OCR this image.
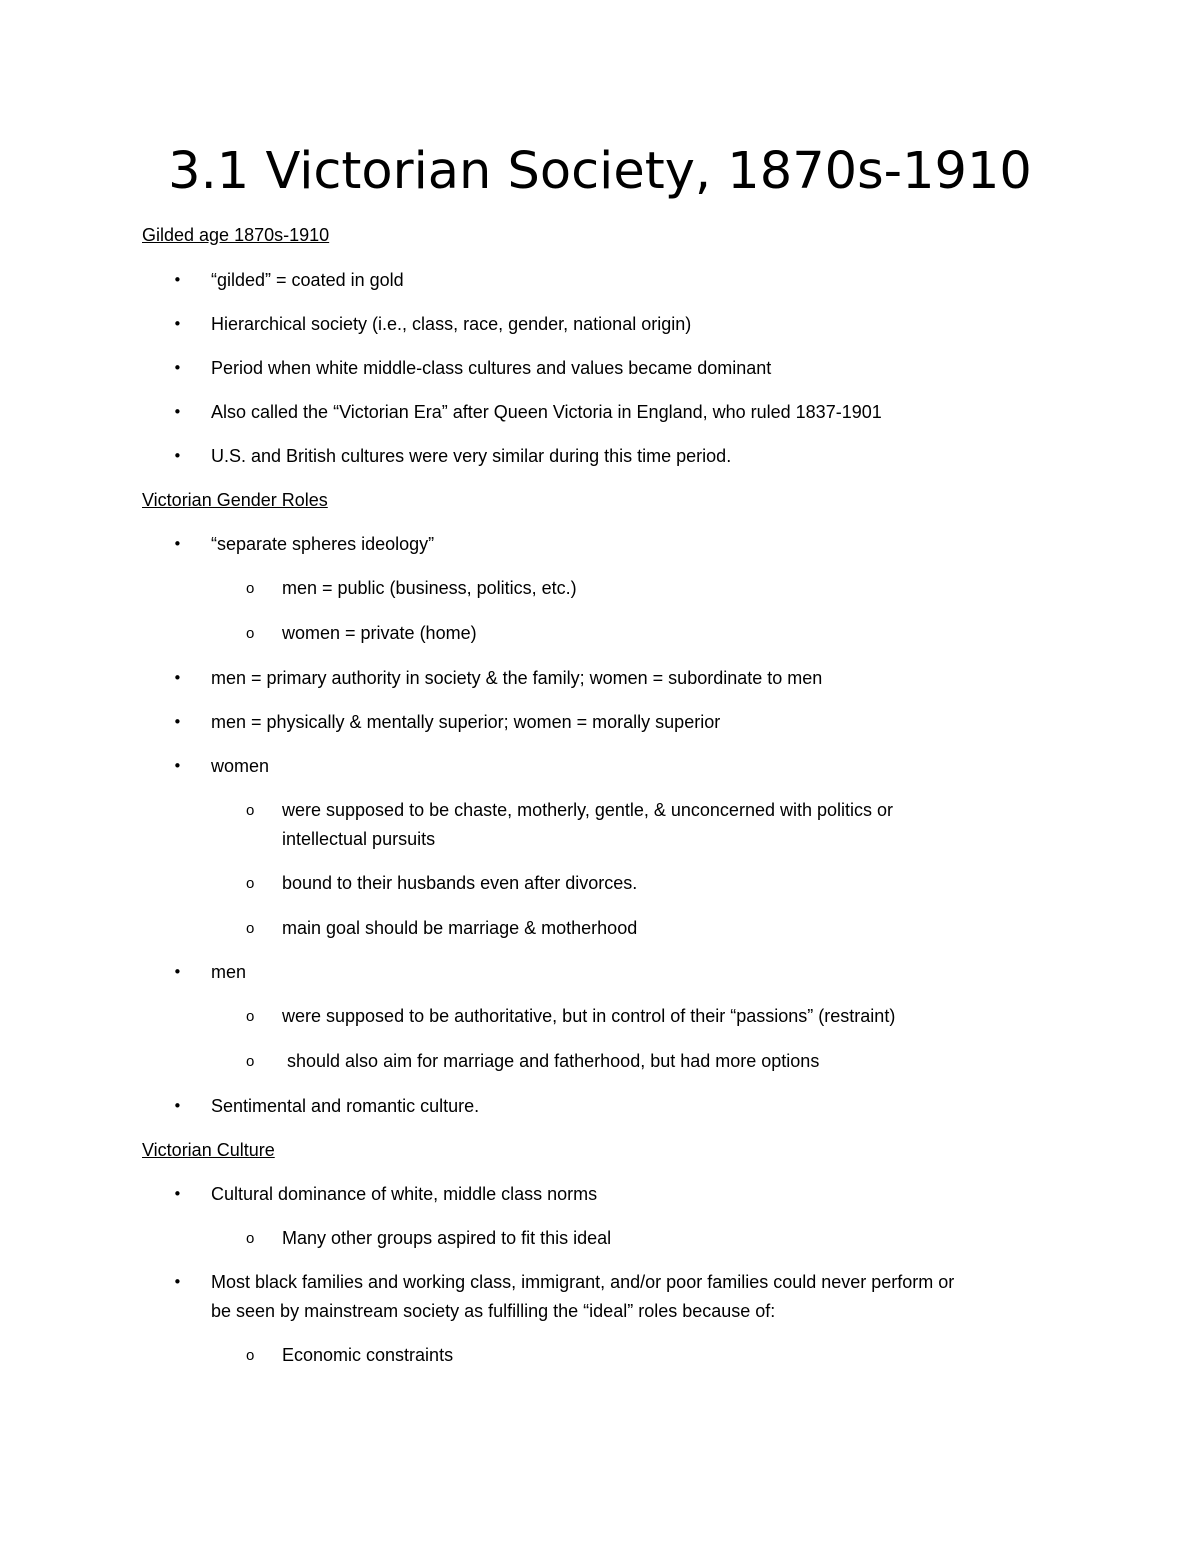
3.1 Victorian Society, 1870s-1910
Gilded age 1870s-1910
• “gilded” = coated in gold
• Hierarchical society (i.e., class, race, gender, national origin)
• Period when white middle-class cultures and values became dominant
• Also called the “Victorian Era” after Queen Victoria in England, who ruled 1837-1901
• U.S. and British cultures were very similar during this time period.
Victorian Gender Roles
• “separate spheres ideology”
o men = public (business, politics, etc.)
o women = private (home)
• men = primary authority in society & the family; women = subordinate to men
• men = physically & mentally superior; women = morally superior
• women
o were supposed to be chaste, motherly, gentle, & unconcerned with politics or
intellectual pursuits
o bound to their husbands even after divorces.
o main goal should be marriage & motherhood
• men
o were supposed to be authoritative, but in control of their “passions” (restraint)
o should also aim for marriage and fatherhood, but had more options
• Sentimental and romantic culture.
Victorian Culture
• Cultural dominance of white, middle class norms
o Many other groups aspired to fit this ideal
• Most black families and working class, immigrant, and/or poor families could never perform or
be seen by mainstream society as fulfilling the “ideal” roles because of:
o Economic constraints
